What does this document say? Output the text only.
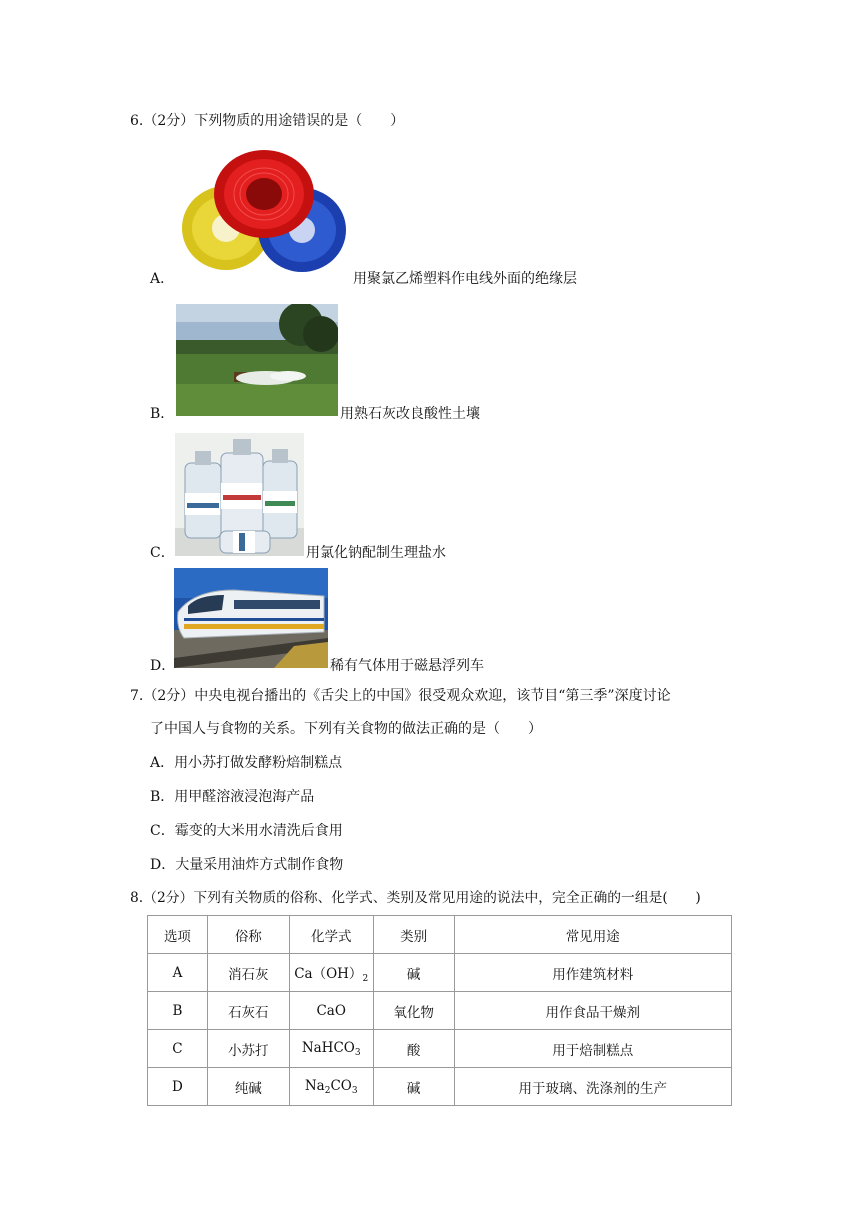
6.（2分）下列物质的用途错误的是（　　）
A．	用聚氯乙烯塑料作电线外面的绝缘层
B．	用熟石灰改良酸性土壤
C．	用氯化钠配制生理盐水
D．	稀有气体用于磁悬浮列车
7.（2分）中央电视台播出的《舌尖上的中国》很受观众欢迎，该节目“第三季”深度讨论
了中国人与食物的关系。下列有关食物的做法正确的是（　　）
A．用小苏打做发酵粉焙制糕点
B．用甲醛溶液浸泡海产品
C．霉变的大米用水清洗后食用
D．大量采用油炸方式制作食物
8.（2分）下列有关物质的俗称、化学式、类别及常见用途的说法中，完全正确的一组是(　　)
选项	俗称	化学式	类别	常见用途
A	消石灰	$Ca(OH)_2$	碱	用作建筑材料
B	石灰石	CaO	氧化物	用作食品干燥剂
C	小苏打	NaHCO$_3$	酸	用于焙制糕点
D	纯碱	$Na_2CO_3$	碱	用于玻璃、洗涤剂的生产
